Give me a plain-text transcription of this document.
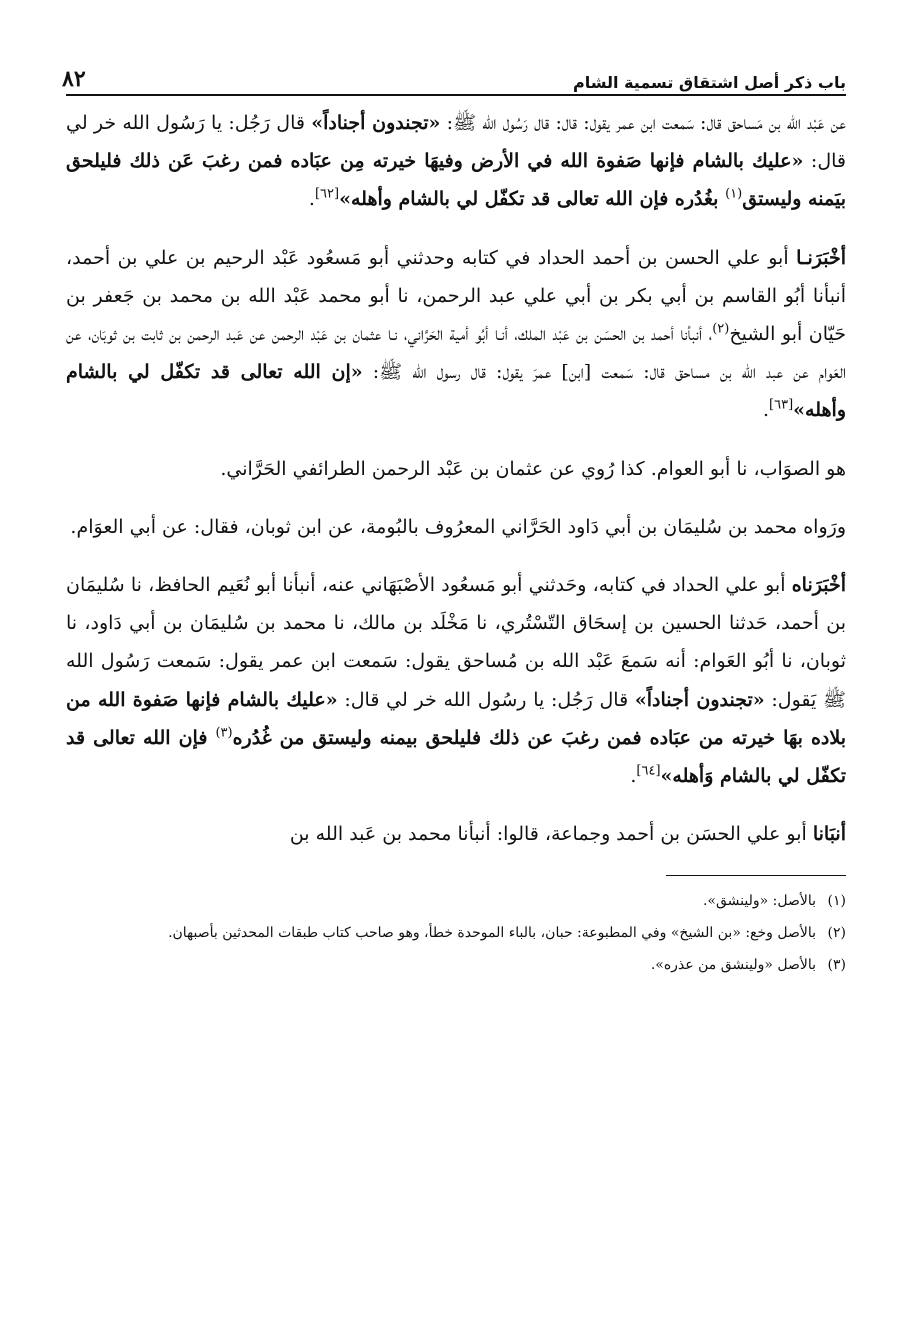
باب ذكر أصل اشتقاق تسمية الشام
٨٢

عن عَبْد الله بن مَساحق قال: سَمعت ابن عمر يقول: قال: قال رَسُول الله ﷺ: «تجندون أجناداً» قال رَجُل: يا رَسُول الله خر لي قال: «عليك بالشام فإنها صَفوة الله في الأرض وفيهَا خيرته مِن عبَاده فمن رغبَ عَن ذلك فليلحق بيَمنه وليستق$^{(١)}$ بغُدُره فإن الله تعالى قد تكفّل لي بالشام وأهله»[٦٢].

أخْبَرَنـا أبو علي الحسن بن أحمد الحداد في كتابه وحدثني أبو مَسعُود عَبْد الرحيم بن علي بن أحمد، أنبأنا أبُو القاسم بن أبي بكر بن أبي علي عبد الرحمن، نا أبو محمد عَبْد الله بن محمد بن جَعفر بن حَيّان أبو الشيخ$^{(٢)}$، أنبأنا أحمد بن الحسَن بن عَبْد الملك، أنـا أبُو أمية الحَرَّاني، نـا عثمان بن عَبْد الرحمن عن عَبد الرحمن بن ثابت بن ثوبَان، عن العَوام عن عبد اللّه بن مساحق قال: سَمعت [ابن] عمرَ يقول: قال رسول الله ﷺ: «إن الله تعالى قد تكفّل لي بالشام وأهله»[٦٣].

هو الصوَاب، نا أبو العوام. كذا رُوي عن عثمان بن عَبْد الرحمن الطرائفي الحَرَّاني.

ورَواه محمد بن سُليمَان بن أبي دَاود الحَرَّاني المعرُوف بالبُومة، عن ابن ثوبان، فقال: عن أبي العوَام.

أخْبَرَناه أبو علي الحداد في كتابه، وحَدثني أبو مَسعُود الأصْبَهَاني عنه، أنبأنا أبو نُعَيم الحافظ، نا سُليمَان بن أحمد، حَدثنا الحسين بن إسحَاق التّسْتُري، نا مَخْلَد بن مالك، نا محمد بن سُليمَان بن أبي دَاود، نا ثوبان، نا أبُو العَوام: أنه سَمعَ عَبْد الله بن مُساحق يقول: سَمعت ابن عمر يقول: سَمعت رَسُول الله ﷺ يَقول: «تجندون أجناداً» قال رَجُل: يا رسُول الله خر لي قال: «عليك بالشام فإنها صَفوة الله من بلاده بهَا خيرته من عبَاده فمن رغبَ عن ذلك فليلحق بيمنه وليستق من غُدُره$^{(٣)}$ فإن الله تعالى قد تكفّل لي بالشام وَأهله»[٦٤].

أنبَانا أبو علي الحسَن بن أحمد وجماعة، قالوا: أنبأنا محمد بن عَبد الله بن

(١)
بالأصل: «ولينشق».
(٢)
بالأصل وخع: «بن الشيخ» وفي المطبوعة: حبان، بالباء الموحدة خطأ، وهو صاحب كتاب طبقات المحدثين بأصبهان.
(٣)
بالأصل «ولينشق من عذره».
